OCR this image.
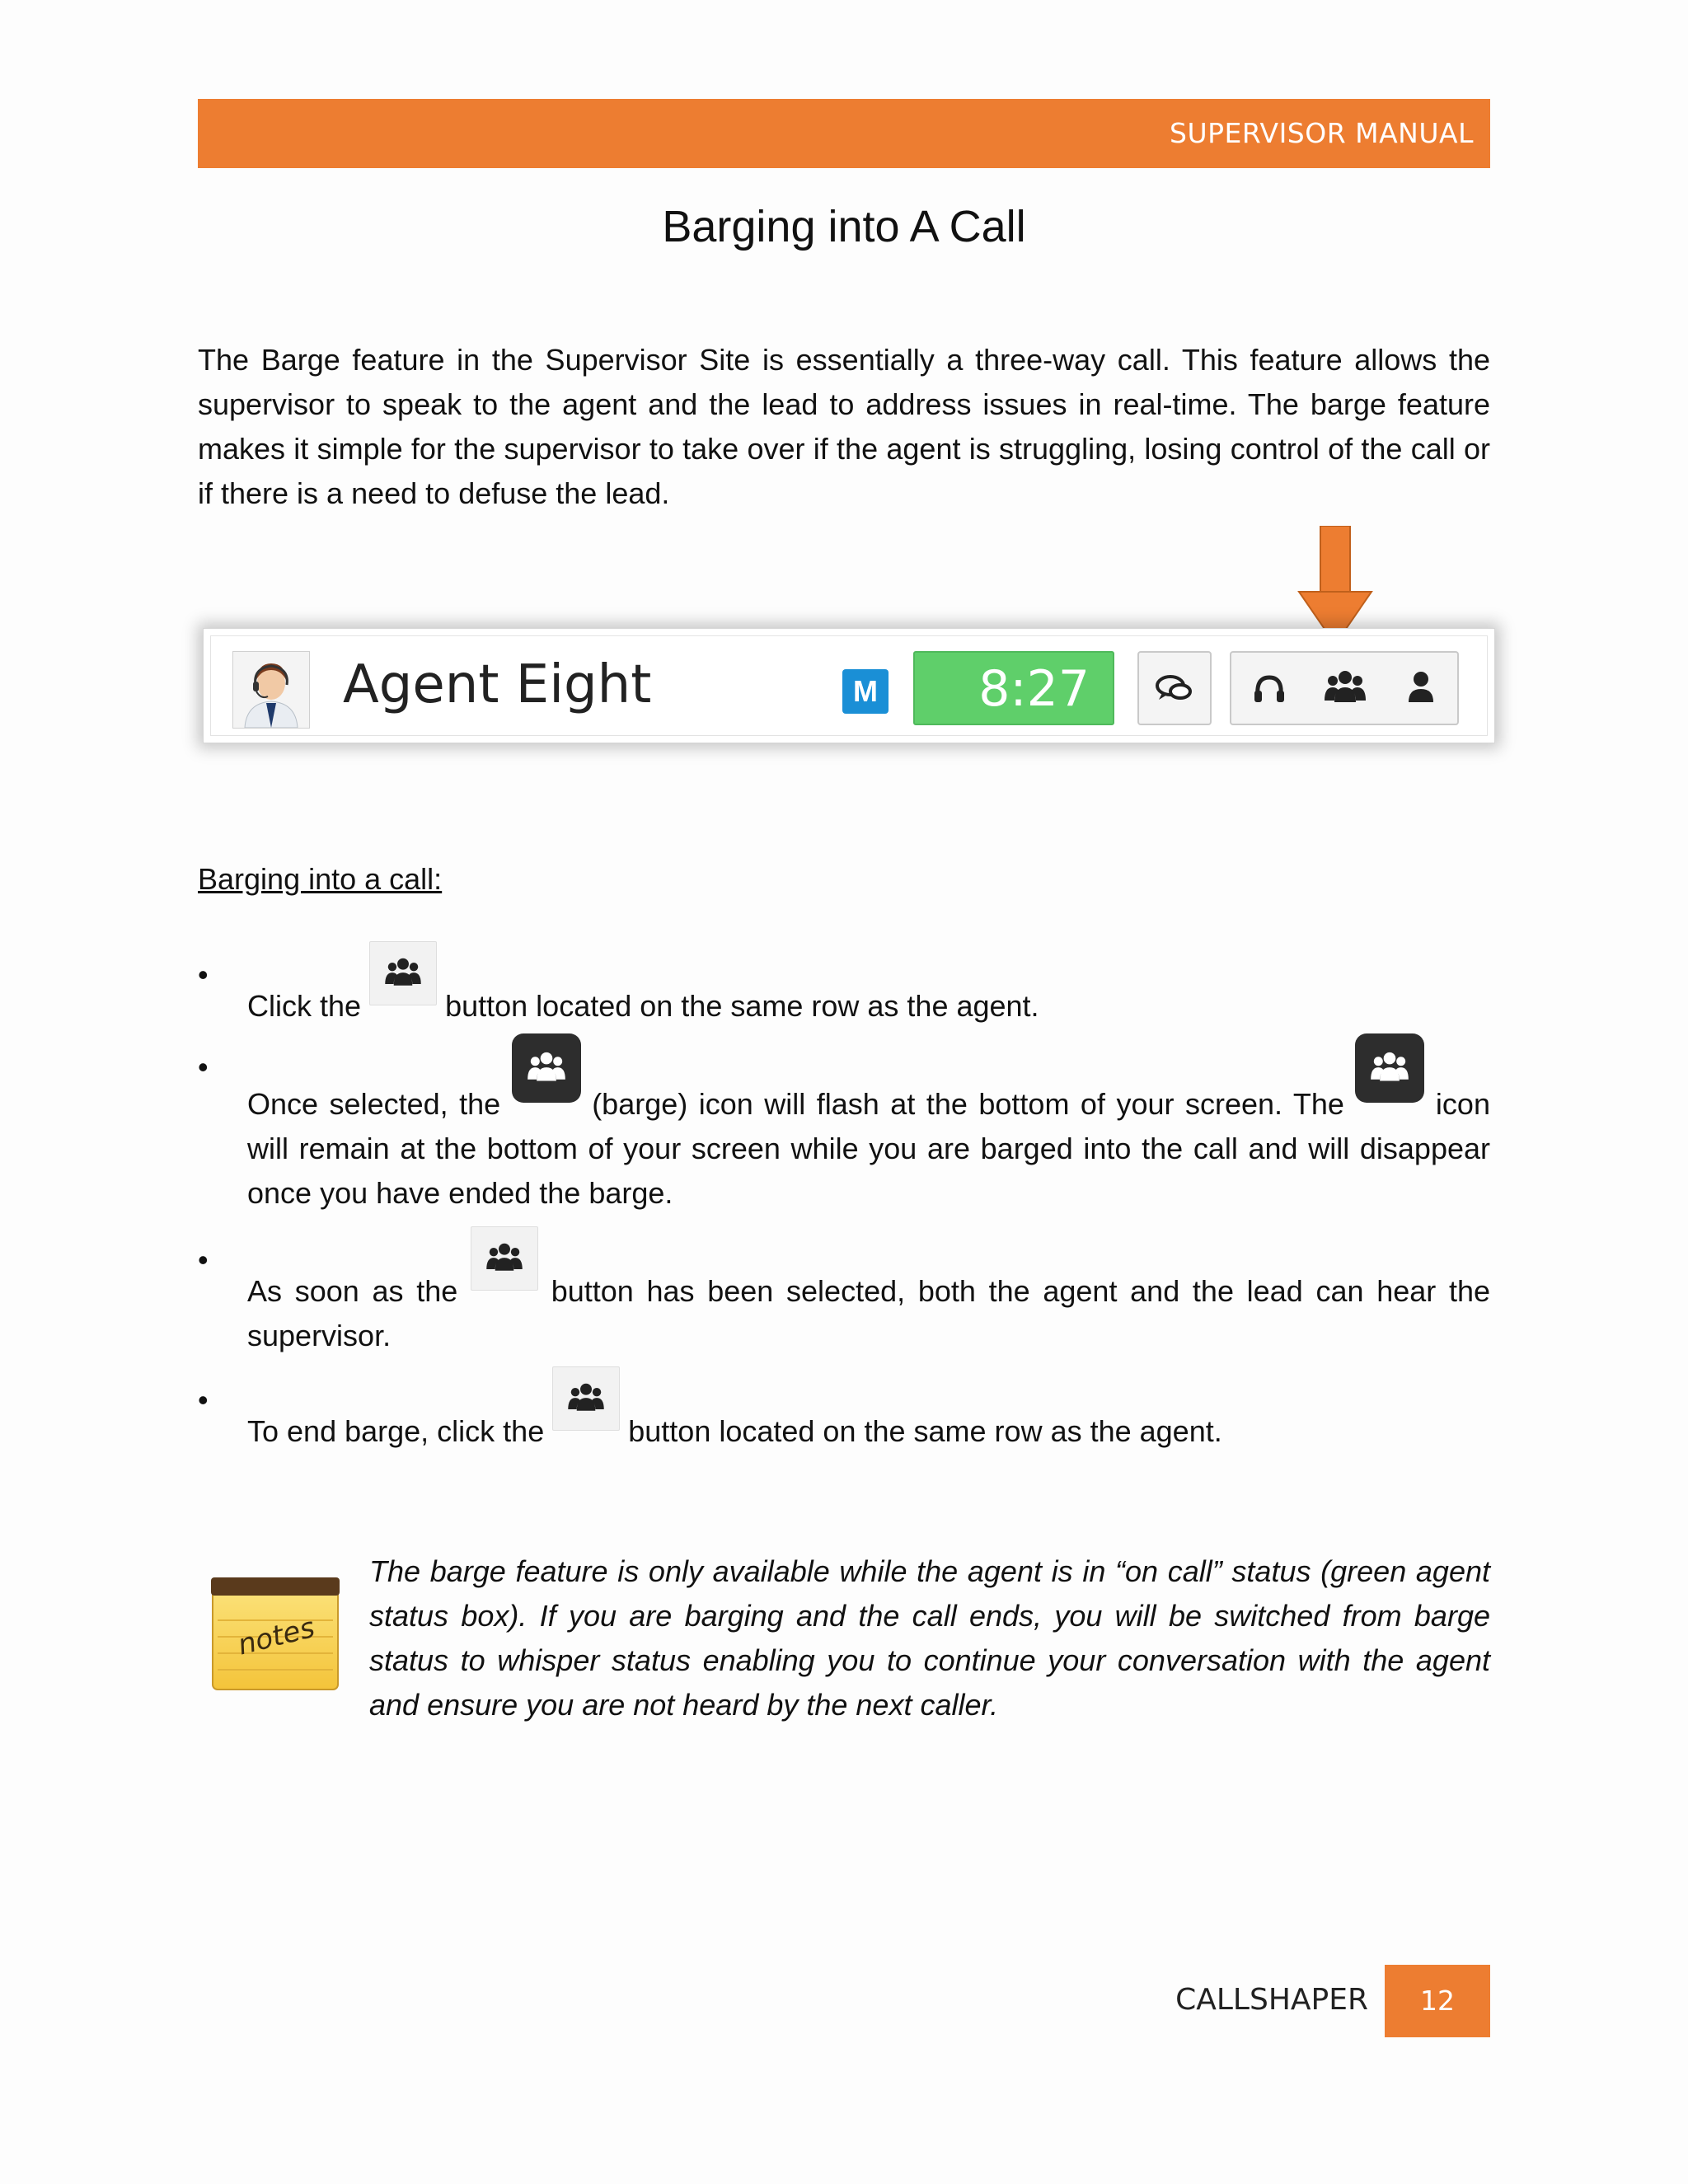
SUPERVISOR MANUAL
Barging into A Call
The Barge feature in the Supervisor Site is essentially a three-way call. This feature allows the supervisor to speak to the agent and the lead to address issues in real-time. The barge feature makes it simple for the supervisor to take over if the agent is struggling, losing control of the call or if there is a need to defuse the lead.
Agent Eight	M	8:27
Barging into a call:
•
Click the	button located on the same row as the agent.
•
Once selected, the	(barge) icon will flash at the bottom of your screen. The	icon will remain at the bottom of your screen while you are barged into the call and will disappear once you have ended the barge.
•
As soon as the	button has been selected, both the agent and the lead can hear the supervisor.
•
To end barge, click the	button located on the same row as the agent.
notes
The barge feature is only available while the agent is in “on call” status (green agent status box). If you are barging and the call ends, you will be switched from barge status to whisper status enabling you to continue your conversation with the agent and ensure you are not heard by the next caller.
CALLSHAPER	12
